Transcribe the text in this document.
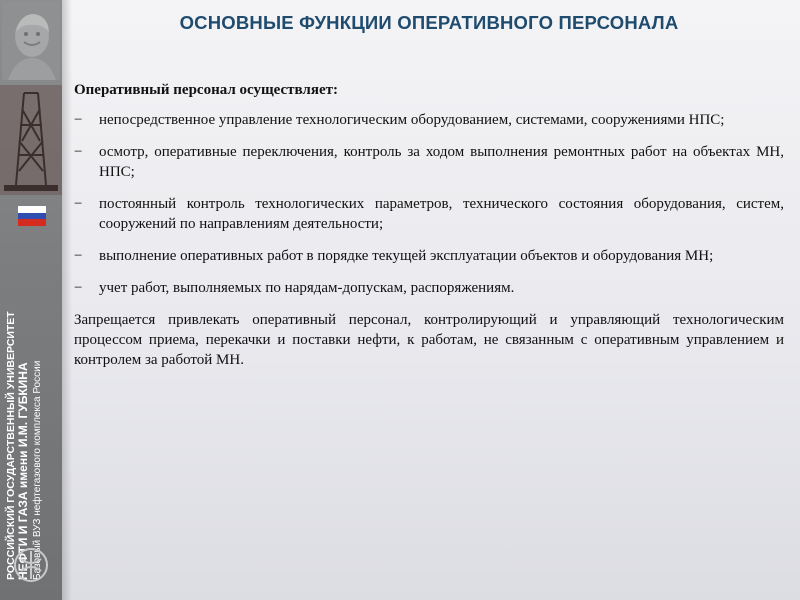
РОССИЙСКИЙ ГОСУДАРСТВЕННЫЙ УНИВЕРСИТЕТ НЕФТИ И ГАЗА имени И.М. ГУБКИНА Базовый ВУЗ нефтегазового комплекса России
ОСНОВНЫЕ ФУНКЦИИ ОПЕРАТИВНОГО ПЕРСОНАЛА
Оперативный персонал осуществляет:
− непосредственное управление технологическим оборудованием, системами, сооружениями НПС;
− осмотр, оперативные переключения, контроль за ходом выполнения ремонтных работ на объектах МН, НПС;
− постоянный контроль технологических параметров, технического состояния оборудования, систем, сооружений по направлениям деятельности;
− выполнение оперативных работ в порядке текущей эксплуатации объектов и оборудования МН;
− учет работ, выполняемых по нарядам-допускам, распоряжениям.
Запрещается привлекать оперативный персонал, контролирующий и управляющий технологическим процессом приема, перекачки и поставки нефти, к работам, не связанным с оперативным управлением и контролем за работой МН.
